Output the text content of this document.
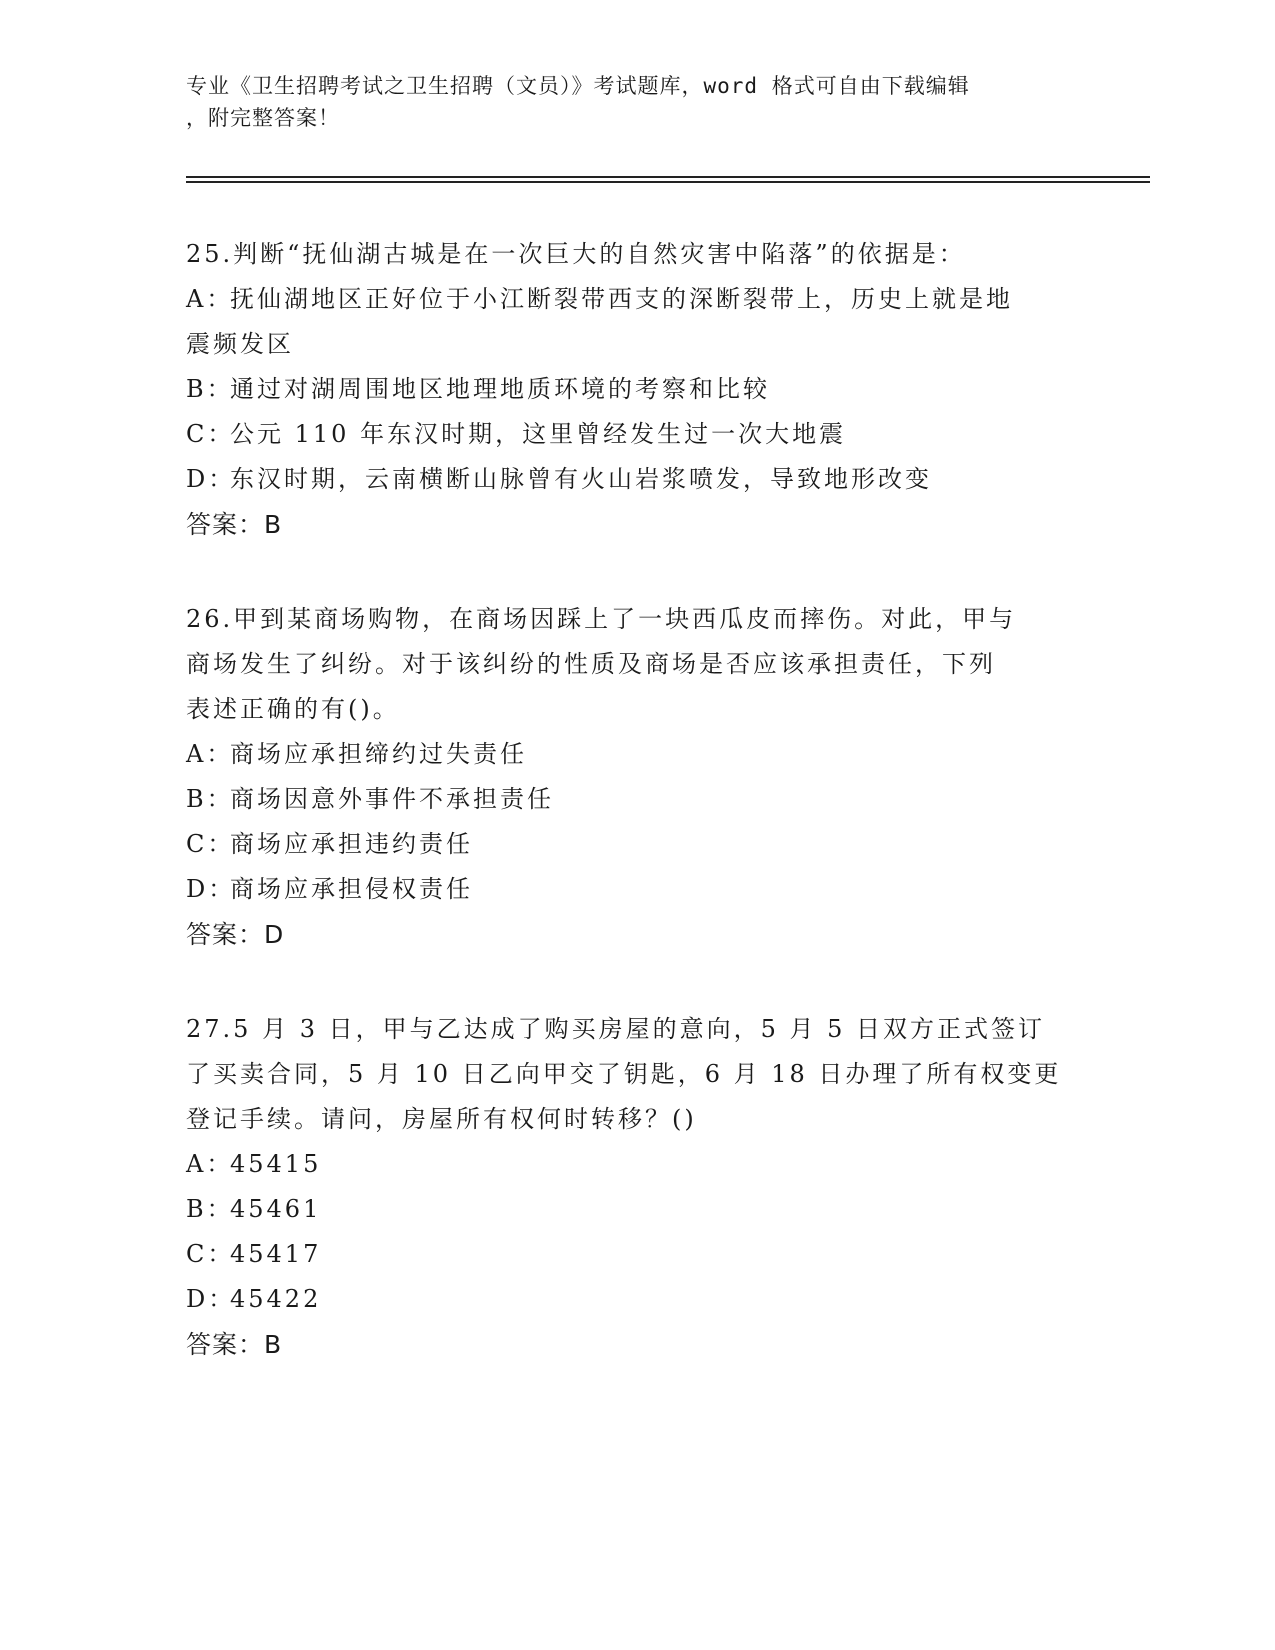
专业《卫生招聘考试之卫生招聘（文员）》考试题库，word 格式可自由下载编辑
，附完整答案！

25.判断“抚仙湖古城是在一次巨大的自然灾害中陷落”的依据是：

A：抚仙湖地区正好位于小江断裂带西支的深断裂带上，历史上就是地
震频发区
B：通过对湖周围地区地理地质环境的考察和比较
C：公元 110 年东汉时期，这里曾经发生过一次大地震
D：东汉时期，云南横断山脉曾有火山岩浆喷发，导致地形改变

答案：B

26.甲到某商场购物，在商场因踩上了一块西瓜皮而摔伤。对此，甲与

商场发生了纠纷。对于该纠纷的性质及商场是否应该承担责任，下列

表述正确的有()。

A：商场应承担缔约过失责任
B：商场因意外事件不承担责任
C：商场应承担违约责任
D：商场应承担侵权责任

答案：D

27.5 月 3 日，甲与乙达成了购买房屋的意向，5 月 5 日双方正式签订

了买卖合同，5 月 10 日乙向甲交了钥匙，6 月 18 日办理了所有权变更

登记手续。请问，房屋所有权何时转移？()

A：45415
B：45461
C：45417
D：45422

答案：B
